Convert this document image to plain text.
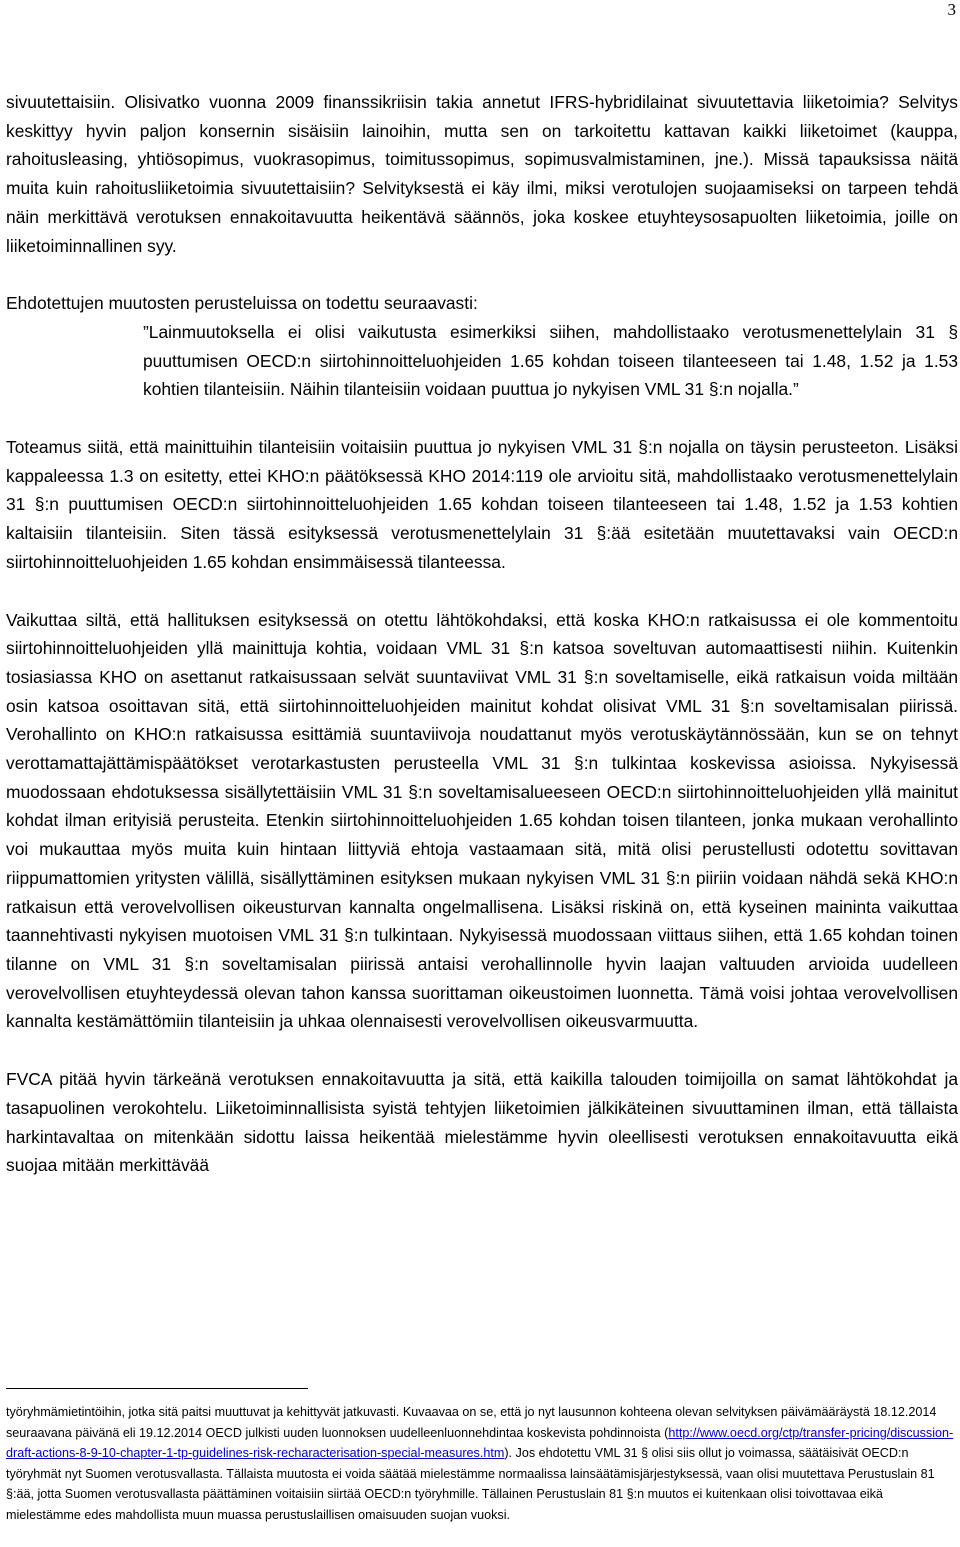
3

sivuutettaisiin. Olisivatko vuonna 2009 finanssikriisin takia annetut IFRS-hybridilainat sivuutettavia liiketoimia? Selvitys keskittyy hyvin paljon konsernin sisäisiin lainoihin, mutta sen on tarkoitettu kattavan kaikki liiketoimet (kauppa, rahoitusleasing, yhtiösopimus, vuokrasopimus, toimitussopimus, sopimusvalmistaminen, jne.). Missä tapauksissa näitä muita kuin rahoitusliiketoimia sivuutettaisiin? Selvityksestä ei käy ilmi, miksi verotulojen suojaamiseksi on tarpeen tehdä näin merkittävä verotuksen ennakoitavuutta heikentävä säännös, joka koskee etuyhteysosapuolten liiketoimia, joille on liiketoiminnallinen syy.

Ehdotettujen muutosten perusteluissa on todettu seuraavasti:

”Lainmuutoksella ei olisi vaikutusta esimerkiksi siihen, mahdollistaako verotusmenettelylain 31 § puuttumisen OECD:n siirtohinnoitteluohjeiden 1.65 kohdan toiseen tilanteeseen tai 1.48, 1.52 ja 1.53 kohtien tilanteisiin. Näihin tilanteisiin voidaan puuttua jo nykyisen VML 31 §:n nojalla.”

Toteamus siitä, että mainittuihin tilanteisiin voitaisiin puuttua jo nykyisen VML 31 §:n nojalla on täysin perusteeton. Lisäksi kappaleessa 1.3 on esitetty, ettei KHO:n päätöksessä KHO 2014:119 ole arvioitu sitä, mahdollistaako verotusmenettelylain 31 §:n puuttumisen OECD:n siirtohinnoitteluohjeiden 1.65 kohdan toiseen tilanteeseen tai 1.48, 1.52 ja 1.53 kohtien kaltaisiin tilanteisiin. Siten tässä esityksessä verotusmenettelylain 31 §:ää esitetään muutettavaksi vain OECD:n siirtohinnoitteluohjeiden 1.65 kohdan ensimmäisessä tilanteessa.

Vaikuttaa siltä, että hallituksen esityksessä on otettu lähtökohdaksi, että koska KHO:n ratkaisussa ei ole kommentoitu siirtohinnoitteluohjeiden yllä mainittuja kohtia, voidaan VML 31 §:n katsoa soveltuvan automaattisesti niihin. Kuitenkin tosiasiassa KHO on asettanut ratkaisussaan selvät suuntaviivat VML 31 §:n soveltamiselle, eikä ratkaisun voida miltään osin katsoa osoittavan sitä, että siirtohinnoitteluohjeiden mainitut kohdat olisivat VML 31 §:n soveltamisalan piirissä. Verohallinto on KHO:n ratkaisussa esittämiä suuntaviivoja noudattanut myös verotuskäytännössään, kun se on tehnyt verottamattajättämispäätökset verotarkastusten perusteella VML 31 §:n tulkintaa koskevissa asioissa. Nykyisessä muodossaan ehdotuksessa sisällytettäisiin VML 31 §:n soveltamisalueeseen OECD:n siirtohinnoitteluohjeiden yllä mainitut kohdat ilman erityisiä perusteita. Etenkin siirtohinnoitteluohjeiden 1.65 kohdan toisen tilanteen, jonka mukaan verohallinto voi mukauttaa myös muita kuin hintaan liittyviä ehtoja vastaamaan sitä, mitä olisi perustellusti odotettu sovittavan riippumattomien yritysten välillä, sisällyttäminen esityksen mukaan nykyisen VML 31 §:n piiriin voidaan nähdä sekä KHO:n ratkaisun että verovelvollisen oikeusturvan kannalta ongelmallisena. Lisäksi riskinä on, että kyseinen maininta vaikuttaa taannehtivasti nykyisen muotoisen VML 31 §:n tulkintaan. Nykyisessä muodossaan viittaus siihen, että 1.65 kohdan toinen tilanne on VML 31 §:n soveltamisalan piirissä antaisi verohallinnolle hyvin laajan valtuuden arvioida uudelleen verovelvollisen etuyhteydessä olevan tahon kanssa suorittaman oikeustoimen luonnetta. Tämä voisi johtaa verovelvollisen kannalta kestämättömiin tilanteisiin ja uhkaa olennaisesti verovelvollisen oikeusvarmuutta.

FVCA pitää hyvin tärkeänä verotuksen ennakoitavuutta ja sitä, että kaikilla talouden toimijoilla on samat lähtökohdat ja tasapuolinen verokohtelu. Liiketoiminnallisista syistä tehtyjen liiketoimien jälkikäteinen sivuuttaminen ilman, että tällaista harkintavaltaa on mitenkään sidottu laissa heikentää mielestämme hyvin oleellisesti verotuksen ennakoitavuutta eikä suojaa mitään merkittävää

työryhmämietintöihin, jotka sitä paitsi muuttuvat ja kehittyvät jatkuvasti. Kuvaavaa on se, että jo nyt lausunnon kohteena olevan selvityksen päivämääräystä 18.12.2014 seuraavana päivänä eli 19.12.2014 OECD julkisti uuden luonnoksen uudelleenluonnehdintaa koskevista pohdinnoista (http://www.oecd.org/ctp/transfer-pricing/discussion-draft-actions-8-9-10-chapter-1-tp-guidelines-risk-recharacterisation-special-measures.htm). Jos ehdotettu VML 31 § olisi siis ollut jo voimassa, säätäisivät OECD:n työryhmät nyt Suomen verotusvallasta. Tällaista muutosta ei voida säätää mielestämme normaalissa lainsäätämisjärjestyksessä, vaan olisi muutettava Perustuslain 81 §:ää, jotta Suomen verotusvallasta päättäminen voitaisiin siirtää OECD:n työryhmille. Tällainen Perustuslain 81 §:n muutos ei kuitenkaan olisi toivottavaa eikä mielestämme edes mahdollista muun muassa perustuslaillisen omaisuuden suojan vuoksi.
